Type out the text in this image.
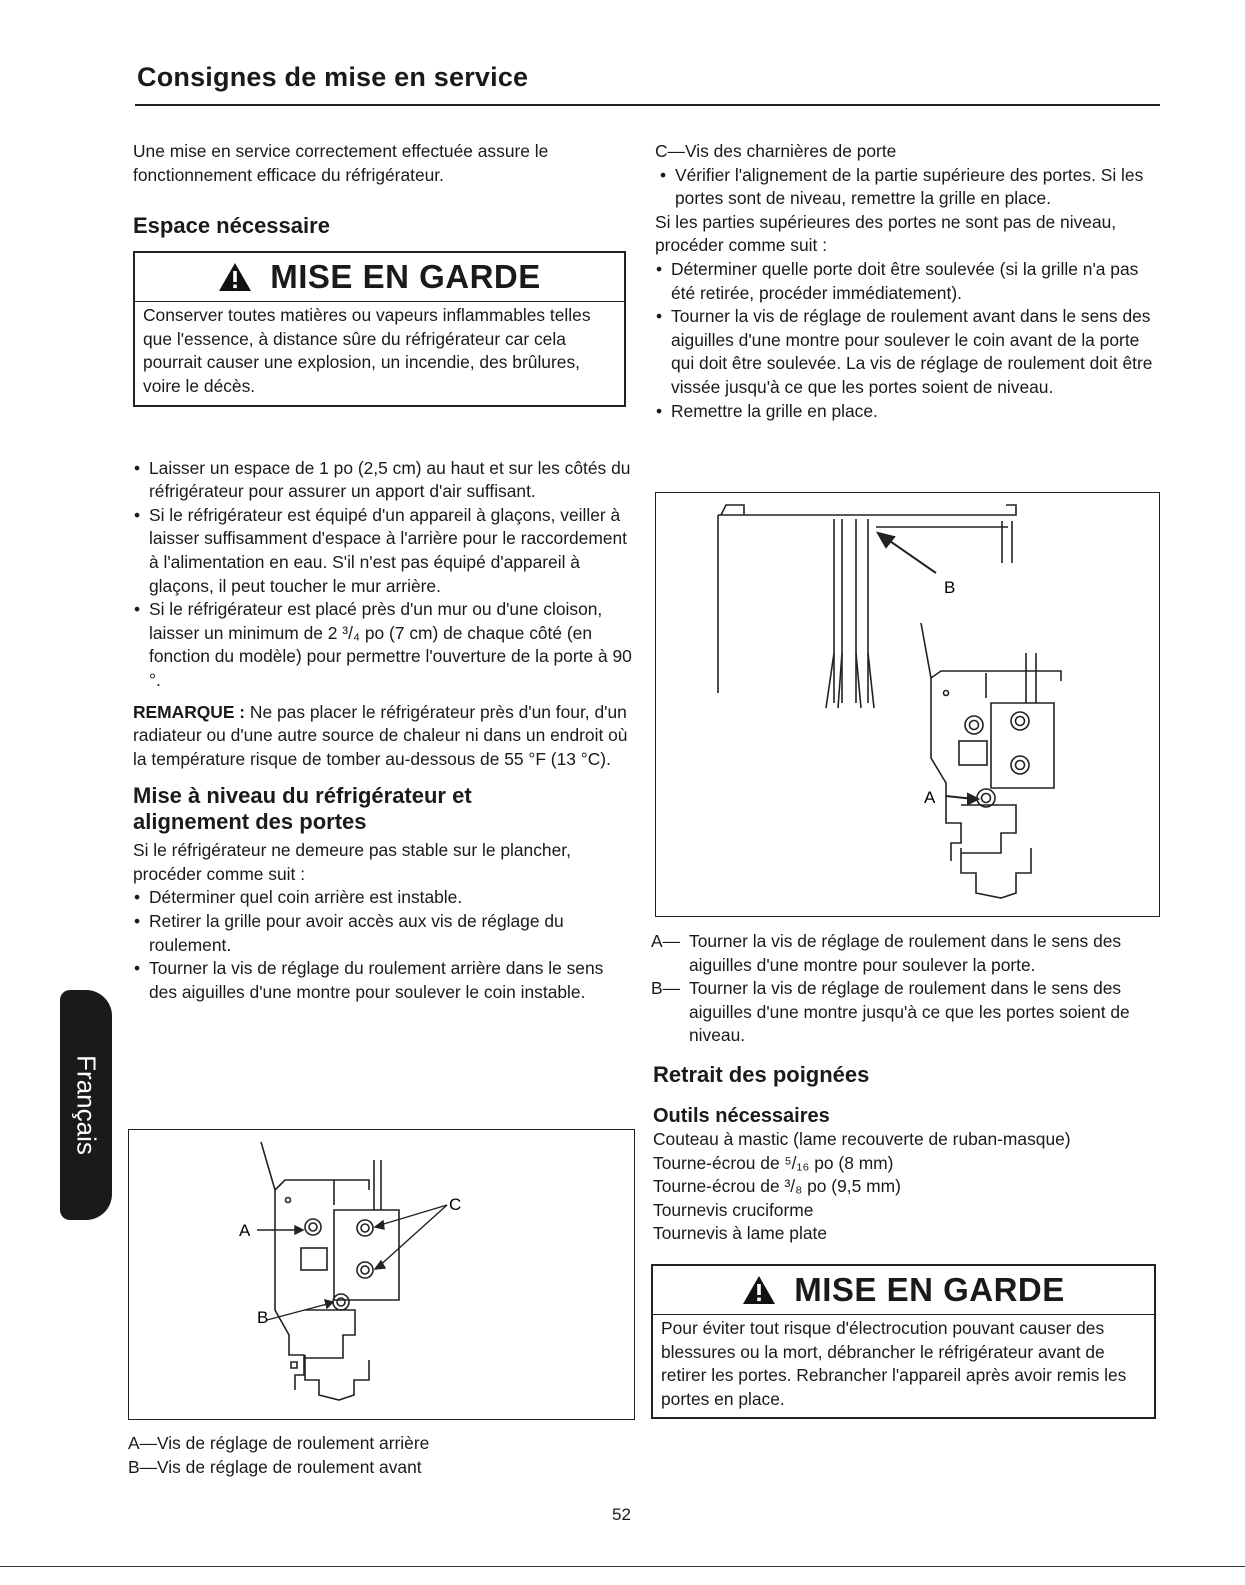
Consignes de mise en service

Une mise en service correctement effectuée assure le fonctionnement efficace du réfrigérateur.

Espace nécessaire
MISE EN GARDE
Conserver toutes matières ou vapeurs inflammables telles que l'essence, à distance sûre du réfrigérateur car cela pourrait causer une explosion, un incendie, des brûlures, voire le décès.
• Laisser un espace de 1 po (2,5 cm) au haut et sur les côtés du réfrigérateur pour assurer un apport d'air suffisant.
• Si le réfrigérateur est équipé d'un appareil à glaçons, veiller à laisser suffisamment d'espace à l'arrière pour le raccordement à l'alimentation en eau. S'il n'est pas équipé d'appareil à glaçons, il peut toucher le mur arrière.
• Si le réfrigérateur est placé près d'un mur ou d'une cloison, laisser un minimum de 2 ³/₄ po (7 cm) de chaque côté (en fonction du modèle) pour permettre l'ouverture de la porte à 90 °.

REMARQUE : Ne pas placer le réfrigérateur près d'un four, d'un radiateur ou d'une autre source de chaleur ni dans un endroit où la température risque de tomber au-dessous de 55 °F (13 °C).

Mise à niveau du réfrigérateur et alignement des portes

Si le réfrigérateur ne demeure pas stable sur le plancher, procéder comme suit :

• Déterminer quel coin arrière est instable.
• Retirer la grille pour avoir accès aux vis de réglage du roulement.
• Tourner la vis de réglage du roulement arrière dans le sens des aiguilles d'une montre pour soulever le coin instable.
A
B
C
A—Vis de réglage de roulement arrière
B—Vis de réglage de roulement avant

C—Vis des charnières de porte

• Vérifier l'alignement de la partie supérieure des portes. Si les portes sont de niveau, remettre la grille en place.

Si les parties supérieures des portes ne sont pas de niveau, procéder comme suit :

• Déterminer quelle porte doit être soulevée (si la grille n'a pas été retirée, procéder immédiatement).
• Tourner la vis de réglage de roulement avant dans le sens des aiguilles d'une montre pour soulever le coin avant de la porte qui doit être soulevée. La vis de réglage de roulement doit être vissée jusqu'à ce que les portes soient de niveau.
• Remettre la grille en place.
B
A
A— Tourner la vis de réglage de roulement dans le sens des aiguilles d'une montre pour soulever la porte.
B— Tourner la vis de réglage de roulement dans le sens des aiguilles d'une montre jusqu'à ce que les portes soient de niveau.
Retrait des poignées
Outils nécessaires

Couteau à mastic (lame recouverte de ruban-masque)

Tourne-écrou de ⁵/₁₆ po (8 mm)

Tourne-écrou de ³/₈ po (9,5 mm)

Tournevis cruciforme

Tournevis à lame plate

MISE EN GARDE
Pour éviter tout risque d'électrocution pouvant causer des blessures ou la mort, débrancher le réfrigérateur avant de retirer les portes. Rebrancher l'appareil après avoir remis les portes en place.
Français
52
